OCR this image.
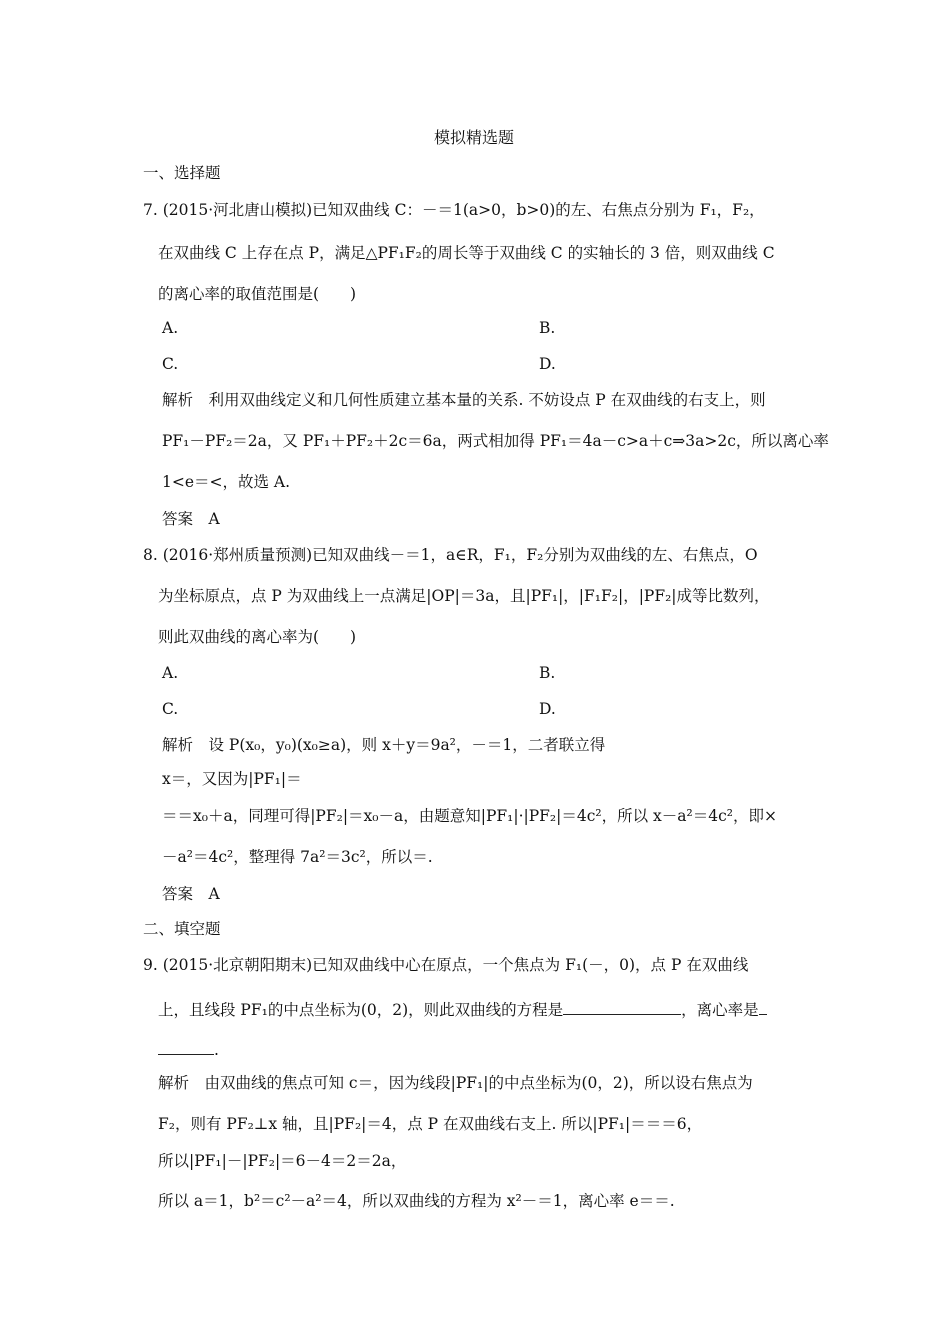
模拟精选题
一、选择题
7. (2015·河北唐山模拟)已知双曲线 C：－＝1(a>0，b>0)的左、右焦点分别为 F₁，F₂，
在双曲线 C 上存在点 P，满足△PF₁F₂的周长等于双曲线 C 的实轴长的 3 倍，则双曲线 C
的离心率的取值范围是(　　)
A.	B.
C.	D.
解析　利用双曲线定义和几何性质建立基本量的关系. 不妨设点 P 在双曲线的右支上，则
PF₁－PF₂＝2a，又 PF₁＋PF₂＋2c＝6a，两式相加得 PF₁＝4a－c>a＋c⇒3a>2c，所以离心率
1<e＝<，故选 A.
答案　A
8. (2016·郑州质量预测)已知双曲线－＝1，a∈R，F₁，F₂分别为双曲线的左、右焦点，O
为坐标原点，点 P 为双曲线上一点满足|OP|＝3a，且|PF₁|，|F₁F₂|，|PF₂|成等比数列，
则此双曲线的离心率为(　　)
A.	B.
C.	D.
解析　设 P(x₀，y₀)(x₀≥a)，则 x＋y＝9a²，－＝1，二者联立得
x＝，又因为|PF₁|＝
＝＝x₀＋a，同理可得|PF₂|＝x₀－a，由题意知|PF₁|·|PF₂|＝4c²，所以 x－a²＝4c²，即×
－a²＝4c²，整理得 7a²＝3c²，所以＝.
答案　A
二、填空题
9. (2015·北京朝阳期末)已知双曲线中心在原点，一个焦点为 F₁(－，0)，点 P 在双曲线
上，且线段 PF₁的中点坐标为(0，2)，则此双曲线的方程是	，离心率是
.
解析　由双曲线的焦点可知 c＝，因为线段|PF₁|的中点坐标为(0，2)，所以设右焦点为
F₂，则有 PF₂⊥x 轴，且|PF₂|＝4，点 P 在双曲线右支上. 所以|PF₁|＝＝＝6，
所以|PF₁|－|PF₂|＝6－4＝2＝2a，
所以 a＝1，b²＝c²－a²＝4，所以双曲线的方程为 x²－＝1，离心率 e＝＝.
